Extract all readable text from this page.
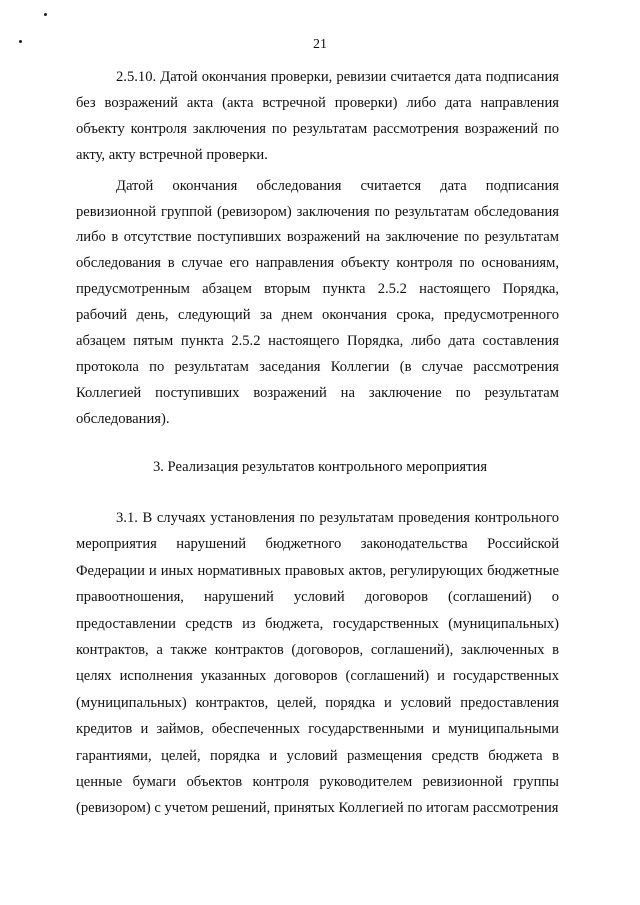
21

2.5.10. Датой окончания проверки, ревизии считается дата подписания без возражений акта (акта встречной проверки) либо дата направления объекту контроля заключения по результатам рассмотрения возражений по акту, акту встречной проверки.

Датой окончания обследования считается дата подписания ревизионной группой (ревизором) заключения по результатам обследования либо в отсутствие поступивших возражений на заключение по результатам обследования в случае его направления объекту контроля по основаниям, предусмотренным абзацем вторым пункта 2.5.2 настоящего Порядка, рабочий день, следующий за днем окончания срока, предусмотренного абзацем пятым пункта 2.5.2 настоящего Порядка, либо дата составления протокола по результатам заседания Коллегии (в случае рассмотрения Коллегией поступивших возражений на заключение по результатам обследования).

3. Реализация результатов контрольного мероприятия

3.1. В случаях установления по результатам проведения контрольного мероприятия нарушений бюджетного законодательства Российской Федерации и иных нормативных правовых актов, регулирующих бюджетные правоотношения, нарушений условий договоров (соглашений) о предоставлении средств из бюджета, государственных (муниципальных) контрактов, а также контрактов (договоров, соглашений), заключенных в целях исполнения указанных договоров (соглашений) и государственных (муниципальных) контрактов, целей, порядка и условий предоставления кредитов и займов, обеспеченных государственными и муниципальными гарантиями, целей, порядка и условий размещения средств бюджета в ценные бумаги объектов контроля руководителем ревизионной группы (ревизором) с учетом решений, принятых Коллегией по итогам рассмотрения
